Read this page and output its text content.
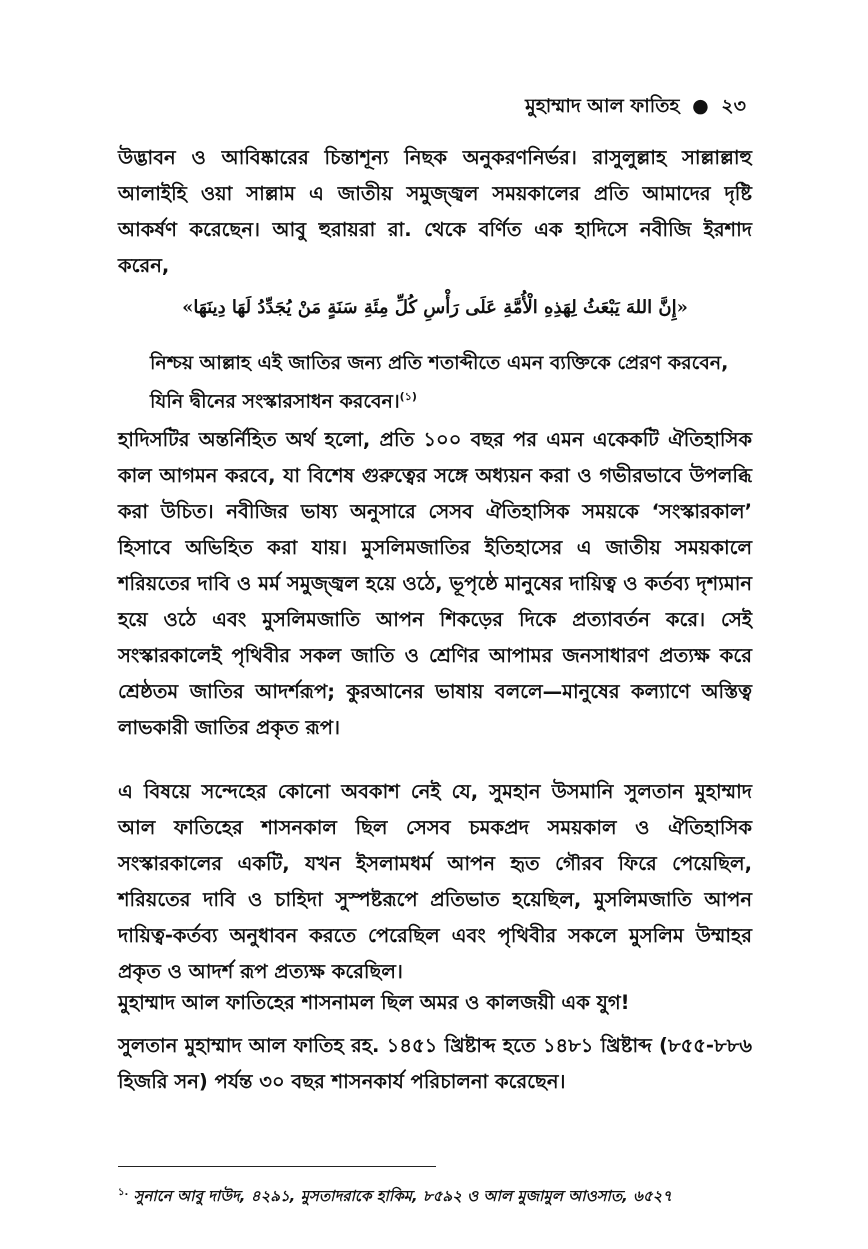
মুহাম্মাদ আল ফাতিহ ● ২৩

উদ্ভাবন ও আবিষ্কারের চিন্তাশূন্য নিছক অনুকরণনির্ভর। রাসুলুল্লাহ সাল্লাল্লাহু আলাইহি ওয়া সাল্লাম এ জাতীয় সমুজ্জ্বল সময়কালের প্রতি আমাদের দৃষ্টি আকর্ষণ করেছেন। আবু হুরায়রা রা. থেকে বর্ণিত এক হাদিসে নবীজি ইরশাদ করেন,

«إِنَّ اللهَ يَبْعَثُ لِهَذِهِ الْأُمَّةِ عَلَى رَأْسِ كُلِّ مِئَةِ سَنَةٍ مَنْ يُجَدِّدُ لَهَا دِينَهَا»
নিশ্চয় আল্লাহ এই জাতির জন্য প্রতি শতাব্দীতে এমন ব্যক্তিকে প্রেরণ করবেন, যিনি দ্বীনের সংস্কারসাধন করবেন।$^{(১)}$

হাদিসটির অন্তর্নিহিত অর্থ হলো, প্রতি ১০০ বছর পর এমন একেকটি ঐতিহাসিক কাল আগমন করবে, যা বিশেষ গুরুত্বের সঙ্গে অধ্যয়ন করা ও গভীরভাবে উপলব্ধি করা উচিত। নবীজির ভাষ্য অনুসারে সেসব ঐতিহাসিক সময়কে ‘সংস্কারকাল’ হিসাবে অভিহিত করা যায়। মুসলিমজাতির ইতিহাসের এ জাতীয় সময়কালে শরিয়তের দাবি ও মর্ম সমুজ্জ্বল হয়ে ওঠে, ভূপৃষ্ঠে মানুষের দায়িত্ব ও কর্তব্য দৃশ্যমান হয়ে ওঠে এবং মুসলিমজাতি আপন শিকড়ের দিকে প্রত্যাবর্তন করে। সেই সংস্কারকালেই পৃথিবীর সকল জাতি ও শ্রেণির আপামর জনসাধারণ প্রত্যক্ষ করে শ্রেষ্ঠতম জাতির আদর্শরূপ; কুরআনের ভাষায় বললে—মানুষের কল্যাণে অস্তিত্ব লাভকারী জাতির প্রকৃত রূপ।

এ বিষয়ে সন্দেহের কোনো অবকাশ নেই যে, সুমহান উসমানি সুলতান মুহাম্মাদ আল ফাতিহের শাসনকাল ছিল সেসব চমকপ্রদ সময়কাল ও ঐতিহাসিক সংস্কারকালের একটি, যখন ইসলামধর্ম আপন হৃত গৌরব ফিরে পেয়েছিল, শরিয়তের দাবি ও চাহিদা সুস্পষ্টরূপে প্রতিভাত হয়েছিল, মুসলিমজাতি আপন দায়িত্ব-কর্তব্য অনুধাবন করতে পেরেছিল এবং পৃথিবীর সকলে মুসলিম উম্মাহর প্রকৃত ও আদর্শ রূপ প্রত্যক্ষ করেছিল।

মুহাম্মাদ আল ফাতিহের শাসনামল ছিল অমর ও কালজয়ী এক যুগ!

সুলতান মুহাম্মাদ আল ফাতিহ রহ. ১৪৫১ খ্রিষ্টাব্দ হতে ১৪৮১ খ্রিষ্টাব্দ (৮৫৫-৮৮৬ হিজরি সন) পর্যন্ত ৩০ বছর শাসনকার্য পরিচালনা করেছেন।

$^{১.}$ সুনানে আবু দাউদ, ৪২৯১, মুসতাদরাকে হাকিম, ৮৫৯২ ও আল মুজামুল আওসাত, ৬৫২৭
